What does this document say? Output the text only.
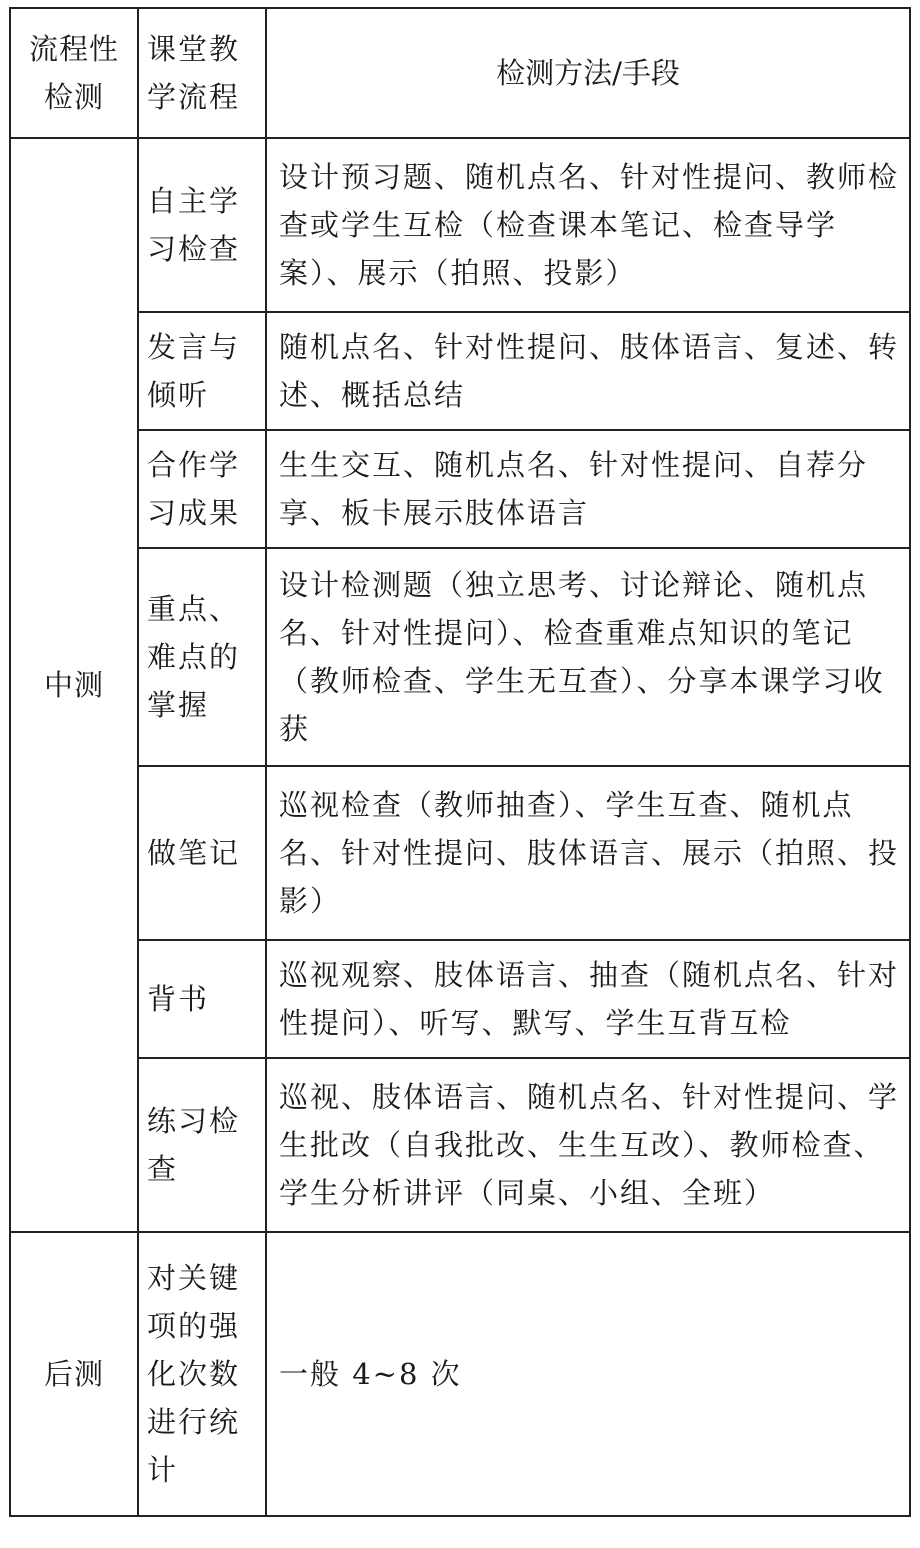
流程性检测	课堂教学流程	检测方法/手段
中测	自主学习检查	设计预习题、随机点名、针对性提问、教师检查或学生互检（检查课本笔记、检查导学案）、展示（拍照、投影）
	发言与倾听	随机点名、针对性提问、肢体语言、复述、转述、概括总结
	合作学习成果	生生交互、随机点名、针对性提问、自荐分享、板卡展示肢体语言
	重点、难点的掌握	设计检测题（独立思考、讨论辩论、随机点名、针对性提问）、检查重难点知识的笔记（教师检查、学生无互查）、分享本课学习收获
	做笔记	巡视检查（教师抽查）、学生互查、随机点名、针对性提问、肢体语言、展示（拍照、投影）
	背书	巡视观察、肢体语言、抽查（随机点名、针对性提问）、听写、默写、学生互背互检
	练习检查	巡视、肢体语言、随机点名、针对性提问、学生批改（自我批改、生生互改）、教师检查、学生分析讲评（同桌、小组、全班）
后测	对关键项的强化次数进行统计	一般 4~8 次
